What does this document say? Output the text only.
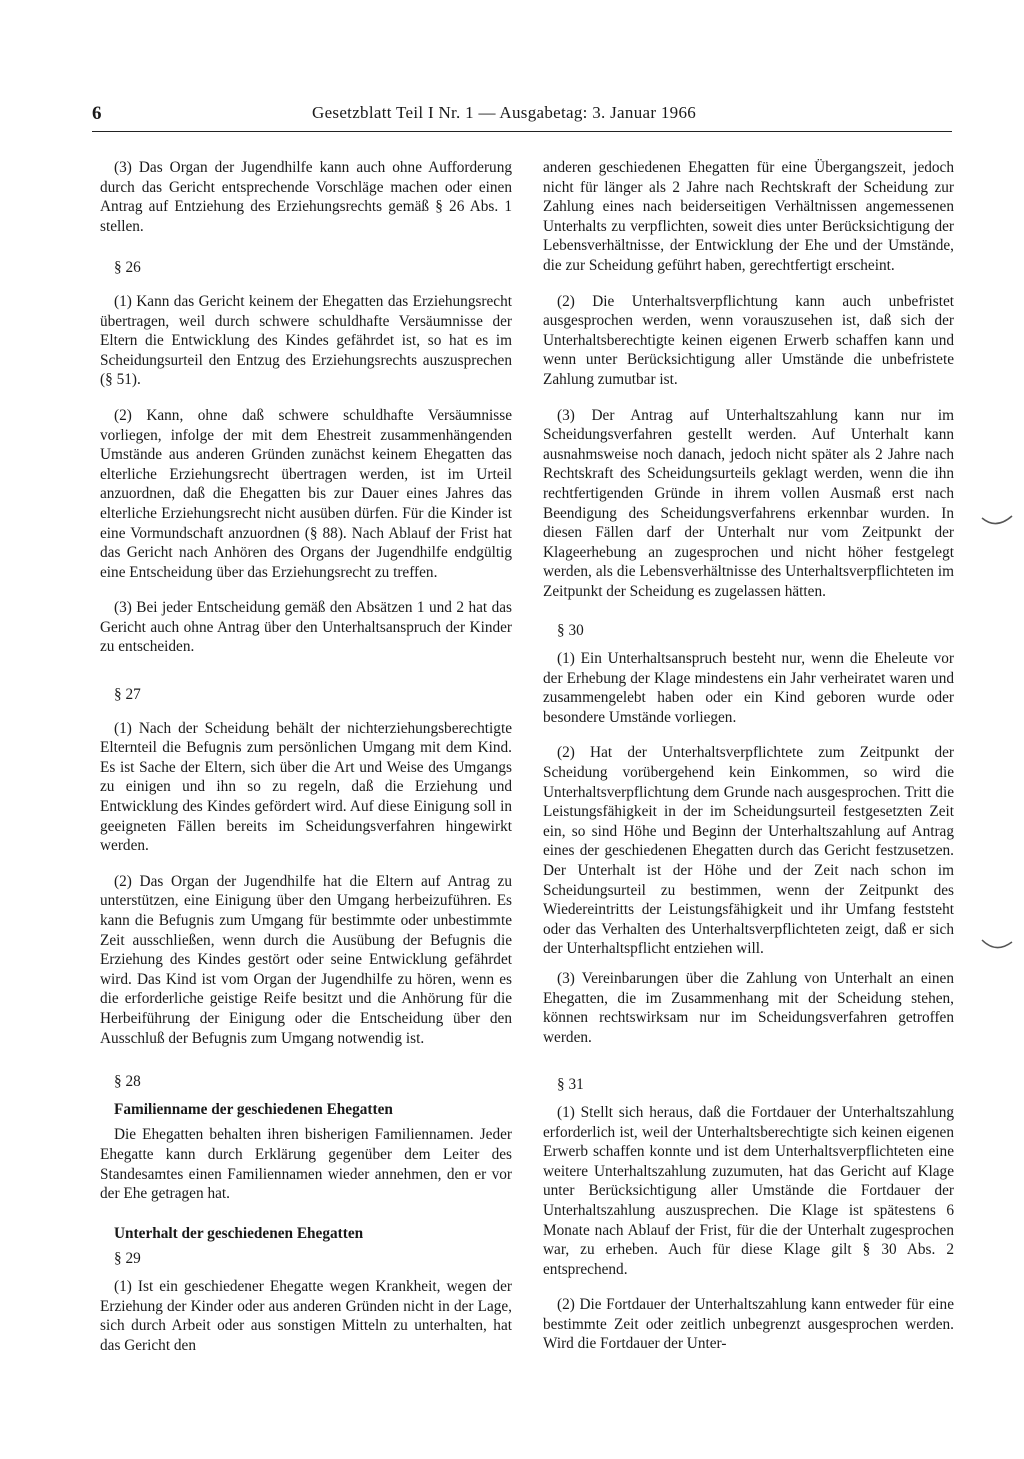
6	Gesetzblatt Teil I Nr. 1 — Ausgabetag: 3. Januar 1966

(3) Das Organ der Jugendhilfe kann auch ohne Aufforderung durch das Gericht entsprechende Vorschläge machen oder einen Antrag auf Entziehung des Erziehungsrechts gemäß § 26 Abs. 1 stellen.

§ 26

(1) Kann das Gericht keinem der Ehegatten das Erziehungsrecht übertragen, weil durch schwere schuldhafte Versäumnisse der Eltern die Entwicklung des Kindes gefährdet ist, so hat es im Scheidungsurteil den Entzug des Erziehungsrechts auszusprechen (§ 51).

(2) Kann, ohne daß schwere schuldhafte Versäumnisse vorliegen, infolge der mit dem Ehestreit zusammenhängenden Umstände aus anderen Gründen zunächst keinem Ehegatten das elterliche Erziehungsrecht übertragen werden, ist im Urteil anzuordnen, daß die Ehegatten bis zur Dauer eines Jahres das elterliche Erziehungsrecht nicht ausüben dürfen. Für die Kinder ist eine Vormundschaft anzuordnen (§ 88). Nach Ablauf der Frist hat das Gericht nach Anhören des Organs der Jugendhilfe endgültig eine Entscheidung über das Erziehungsrecht zu treffen.

(3) Bei jeder Entscheidung gemäß den Absätzen 1 und 2 hat das Gericht auch ohne Antrag über den Unterhaltsanspruch der Kinder zu entscheiden.

§ 27

(1) Nach der Scheidung behält der nichterziehungsberechtigte Elternteil die Befugnis zum persönlichen Umgang mit dem Kind. Es ist Sache der Eltern, sich über die Art und Weise des Umgangs zu einigen und ihn so zu regeln, daß die Erziehung und Entwicklung des Kindes gefördert wird. Auf diese Einigung soll in geeigneten Fällen bereits im Scheidungsverfahren hingewirkt werden.

(2) Das Organ der Jugendhilfe hat die Eltern auf Antrag zu unterstützen, eine Einigung über den Umgang herbeizuführen. Es kann die Befugnis zum Umgang für bestimmte oder unbestimmte Zeit ausschließen, wenn durch die Ausübung der Befugnis die Erziehung des Kindes gestört oder seine Entwicklung gefährdet wird. Das Kind ist vom Organ der Jugendhilfe zu hören, wenn es die erforderliche geistige Reife besitzt und die Anhörung für die Herbeiführung der Einigung oder die Entscheidung über den Ausschluß der Befugnis zum Umgang notwendig ist.

§ 28

Familienname der geschiedenen Ehegatten

Die Ehegatten behalten ihren bisherigen Familiennamen. Jeder Ehegatte kann durch Erklärung gegenüber dem Leiter des Standesamtes einen Familiennamen wieder annehmen, den er vor der Ehe getragen hat.

Unterhalt der geschiedenen Ehegatten

§ 29

(1) Ist ein geschiedener Ehegatte wegen Krankheit, wegen der Erziehung der Kinder oder aus anderen Gründen nicht in der Lage, sich durch Arbeit oder aus sonstigen Mitteln zu unterhalten, hat das Gericht den

anderen geschiedenen Ehegatten für eine Übergangszeit, jedoch nicht für länger als 2 Jahre nach Rechtskraft der Scheidung zur Zahlung eines nach beiderseitigen Verhältnissen angemessenen Unterhalts zu verpflichten, soweit dies unter Berücksichtigung der Lebensverhältnisse, der Entwicklung der Ehe und der Umstände, die zur Scheidung geführt haben, gerechtfertigt erscheint.

(2) Die Unterhaltsverpflichtung kann auch unbefristet ausgesprochen werden, wenn vorauszusehen ist, daß sich der Unterhaltsberechtigte keinen eigenen Erwerb schaffen kann und wenn unter Berücksichtigung aller Umstände die unbefristete Zahlung zumutbar ist.

(3) Der Antrag auf Unterhaltszahlung kann nur im Scheidungsverfahren gestellt werden. Auf Unterhalt kann ausnahmsweise noch danach, jedoch nicht später als 2 Jahre nach Rechtskraft des Scheidungsurteils geklagt werden, wenn die ihn rechtfertigenden Gründe in ihrem vollen Ausmaß erst nach Beendigung des Scheidungsverfahrens erkennbar wurden. In diesen Fällen darf der Unterhalt nur vom Zeitpunkt der Klageerhebung an zugesprochen und nicht höher festgelegt werden, als die Lebensverhältnisse des Unterhaltsverpflichteten im Zeitpunkt der Scheidung es zugelassen hätten.

§ 30

(1) Ein Unterhaltsanspruch besteht nur, wenn die Eheleute vor der Erhebung der Klage mindestens ein Jahr verheiratet waren und zusammengelebt haben oder ein Kind geboren wurde oder besondere Umstände vorliegen.

(2) Hat der Unterhaltsverpflichtete zum Zeitpunkt der Scheidung vorübergehend kein Einkommen, so wird die Unterhaltsverpflichtung dem Grunde nach ausgesprochen. Tritt die Leistungsfähigkeit in der im Scheidungsurteil festgesetzten Zeit ein, so sind Höhe und Beginn der Unterhaltszahlung auf Antrag eines der geschiedenen Ehegatten durch das Gericht festzusetzen. Der Unterhalt ist der Höhe und der Zeit nach schon im Scheidungsurteil zu bestimmen, wenn der Zeitpunkt des Wiedereintritts der Leistungsfähigkeit und ihr Umfang feststeht oder das Verhalten des Unterhaltsverpflichteten zeigt, daß er sich der Unterhaltspflicht entziehen will.

(3) Vereinbarungen über die Zahlung von Unterhalt an einen Ehegatten, die im Zusammenhang mit der Scheidung stehen, können rechtswirksam nur im Scheidungsverfahren getroffen werden.

§ 31

(1) Stellt sich heraus, daß die Fortdauer der Unterhaltszahlung erforderlich ist, weil der Unterhaltsberechtigte sich keinen eigenen Erwerb schaffen konnte und ist dem Unterhaltsverpflichteten eine weitere Unterhaltszahlung zuzumuten, hat das Gericht auf Klage unter Berücksichtigung aller Umstände die Fortdauer der Unterhaltszahlung auszusprechen. Die Klage ist spätestens 6 Monate nach Ablauf der Frist, für die der Unterhalt zugesprochen war, zu erheben. Auch für diese Klage gilt § 30 Abs. 2 entsprechend.

(2) Die Fortdauer der Unterhaltszahlung kann entweder für eine bestimmte Zeit oder zeitlich unbegrenzt ausgesprochen werden. Wird die Fortdauer der Unter-
